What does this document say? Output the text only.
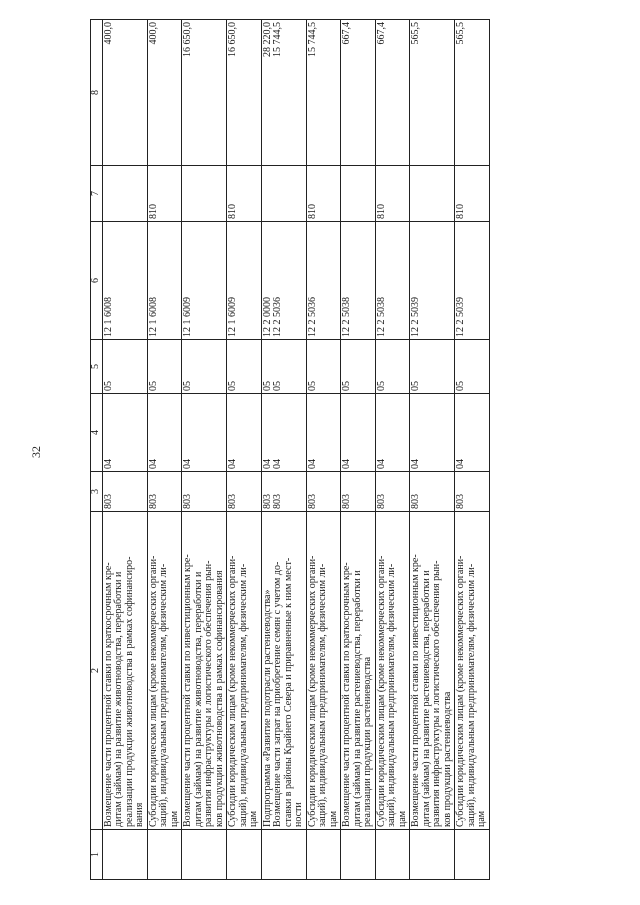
32
1	2	3	4	5	6	7	8

	Возмещение части процентной ставки по краткосрочным кре- дитам (займам) на развитие животноводства, переработки и реализации продукции животноводства в рамках софинансиро- вания	803	04	05	12 1 6008		400,0

	Субсидии юридическим лицам (кроме некоммерческих органи- заций), индивидуальным предпринимателям, физическим ли- цам	803	04	05	12 1 6008	810	400,0

	Возмещение части процентной ставки по инвестиционным кре- дитам (займам) на развитие животноводства, переработки и развития инфраструктуры и логистического обеспечения рын- ков продукции животноводства в рамках софинансирования	803	04	05	12 1 6009		16 650,0

	Субсидии юридическим лицам (кроме некоммерческих органи- заций), индивидуальным предпринимателям, физическим ли- цам	803	04	05	12 1 6009	810	16 650,0

	Подпрограмма «Развитие подотрасли растениеводства» Возмещение части затрат на приобретение семян с учетом до- ставки в районы Крайнего Севера и приравненные к ним мест- ности	803 803	04 04	05 05	12 2 0000 12 2 5036		28 220,0 15 744,5

	Субсидии юридическим лицам (кроме некоммерческих органи- заций), индивидуальным предпринимателям, физическим ли- цам	803	04	05	12 2 5036	810	15 744,5

	Возмещение части процентной ставки по краткосрочным кре- дитам (займам) на развитие растениеводства, переработки и реализации продукции растениеводства	803	04	05	12 2 5038		667,4

	Субсидии юридическим лицам (кроме некоммерческих органи- заций), индивидуальным предпринимателям, физическим ли- цам	803	04	05	12 2 5038	810	667,4

	Возмещение части процентной ставки по инвестиционным кре- дитам (займам) на развитие растениеводства, переработки и развития инфраструктуры и логистического обеспечения рын- ков продукции растениеводства	803	04	05	12 2 5039		565,5

	Субсидии юридическим лицам (кроме некоммерческих органи- заций), индивидуальным предпринимателям, физическим ли- цам	803	04	05	12 2 5039	810	565,5
